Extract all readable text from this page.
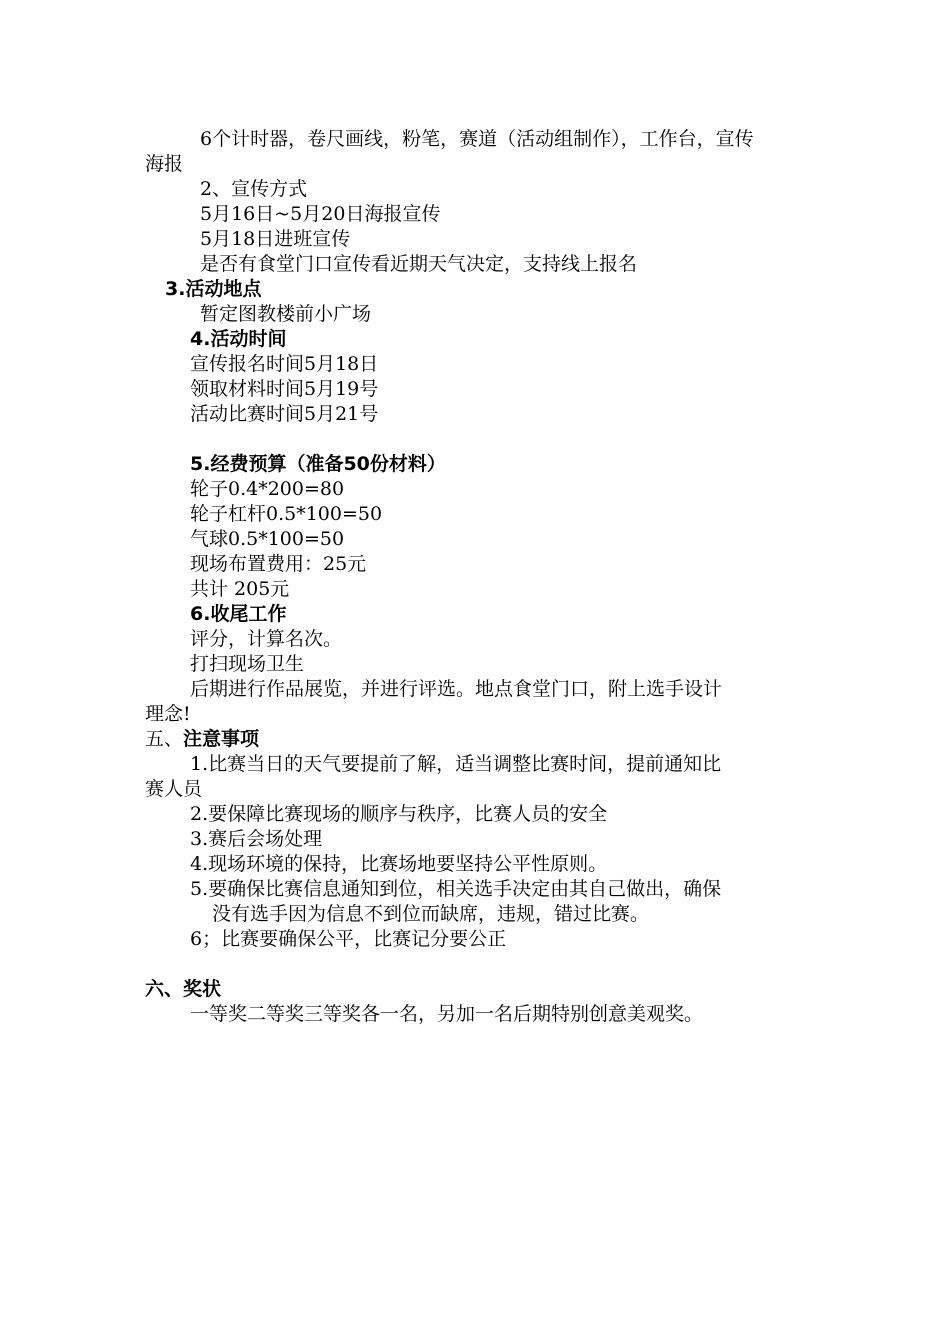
6个计时器，卷尺画线，粉笔，赛道（活动组制作），工作台，宣传
海报
2、宣传方式
5月16日~5月20日海报宣传
5月18日进班宣传
是否有食堂门口宣传看近期天气决定，支持线上报名
3.活动地点
暂定图教楼前小广场
4.活动时间
宣传报名时间5月18日
领取材料时间5月19号
活动比赛时间5月21号
5.经费预算（准备50份材料）
轮子0.4*200=80
轮子杠杆0.5*100=50
气球0.5*100=50
现场布置费用：25元
共计 205元
6.收尾工作
评分，计算名次。
打扫现场卫生
后期进行作品展览，并进行评选。地点食堂门口，附上选手设计
理念!
五、注意事项
1.比赛当日的天气要提前了解，适当调整比赛时间，提前通知比
赛人员
2.要保障比赛现场的顺序与秩序，比赛人员的安全
3.赛后会场处理
4.现场环境的保持，比赛场地要坚持公平性原则。
5.要确保比赛信息通知到位，相关选手决定由其自己做出，确保
没有选手因为信息不到位而缺席，违规，错过比赛。
6；比赛要确保公平，比赛记分要公正
六、奖状
一等奖二等奖三等奖各一名，另加一名后期特别创意美观奖。
